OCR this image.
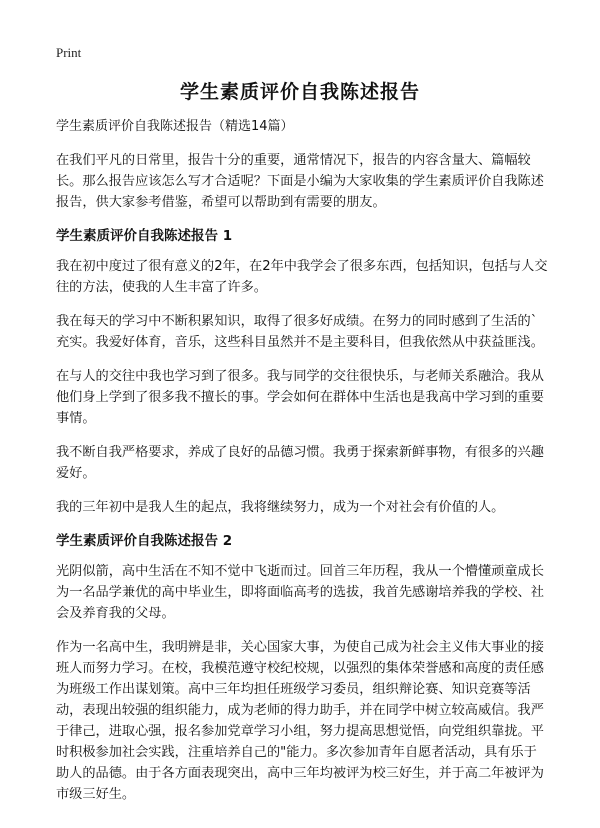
Print
学生素质评价自我陈述报告
学生素质评价自我陈述报告（精选14篇）

在我们平凡的日常里，报告十分的重要，通常情况下，报告的内容含量大、篇幅较长。那么报告应该怎么写才合适呢？下面是小编为大家收集的学生素质评价自我陈述报告，供大家参考借鉴，希望可以帮助到有需要的朋友。

学生素质评价自我陈述报告 1

我在初中度过了很有意义的2年，在2年中我学会了很多东西，包括知识，包括与人交往的方法，使我的人生丰富了许多。

我在每天的学习中不断积累知识，取得了很多好成绩。在努力的同时感到了生活的`充实。我爱好体育，音乐，这些科目虽然并不是主要科目，但我依然从中获益匪浅。

在与人的交往中我也学习到了很多。我与同学的交往很快乐，与老师关系融洽。我从他们身上学到了很多我不擅长的事。学会如何在群体中生活也是我高中学习到的重要事情。

我不断自我严格要求，养成了良好的品德习惯。我勇于探索新鲜事物，有很多的兴趣爱好。

我的三年初中是我人生的起点，我将继续努力，成为一个对社会有价值的人。

学生素质评价自我陈述报告 2

光阴似箭，高中生活在不知不觉中飞逝而过。回首三年历程，我从一个懵懂顽童成长为一名品学兼优的高中毕业生，即将面临高考的选拔，我首先感谢培养我的学校、社会及养育我的父母。

作为一名高中生，我明辨是非，关心国家大事，为使自己成为社会主义伟大事业的接班人而努力学习。在校，我模范遵守校纪校规，以强烈的集体荣誉感和高度的责任感为班级工作出谋划策。高中三年均担任班级学习委员，组织辩论赛、知识竞赛等活动，表现出较强的组织能力，成为老师的得力助手，并在同学中树立较高威信。我严于律己，进取心强，报名参加党章学习小组，努力提高思想觉悟，向党组织靠拢。平时积极参加社会实践，注重培养自己的"能力。多次参加青年自愿者活动，具有乐于助人的品德。由于各方面表现突出，高中三年均被评为校三好生，并于高二年被评为市级三好生。
